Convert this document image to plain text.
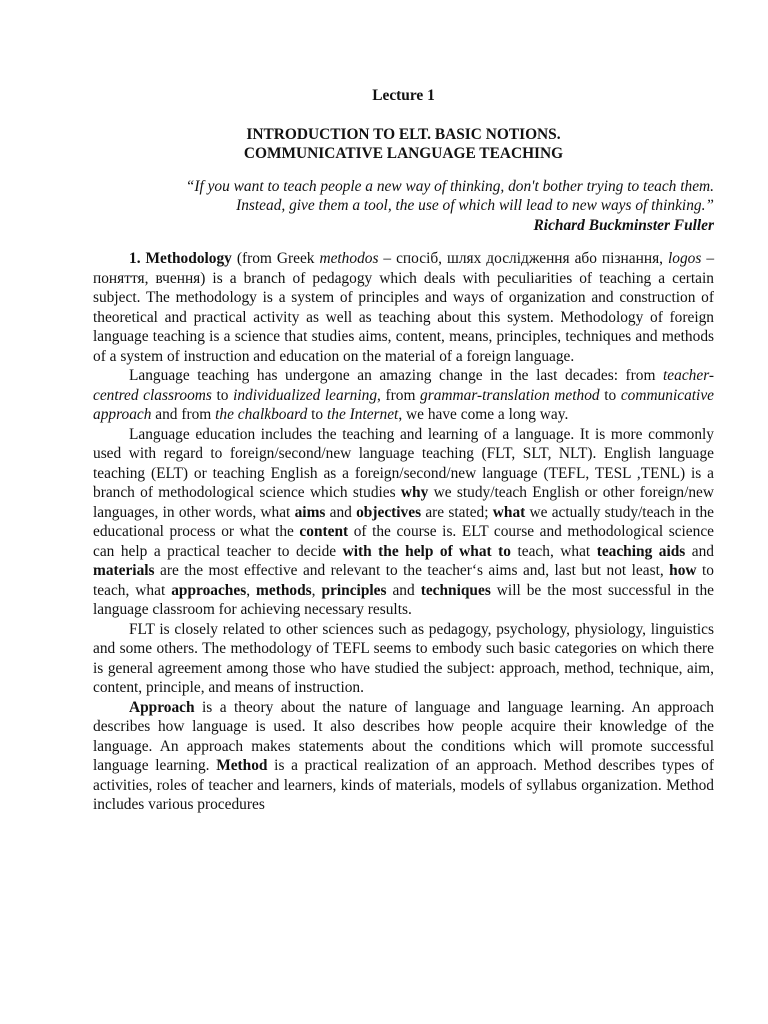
Lecture 1
INTRODUCTION TO ELT. BASIC NOTIONS.
COMMUNICATIVE LANGUAGE TEACHING
“If you want to teach people a new way of thinking, don't bother trying to teach them.
Instead, give them a tool, the use of which will lead to new ways of thinking.”
Richard Buckminster Fuller

1. Methodology (from Greek methodos – спосіб, шлях дослідження або пізнання, logos – поняття, вчення) is a branch of pedagogy which deals with peculiarities of teaching a certain subject. The methodology is a system of principles and ways of organization and construction of theoretical and practical activity as well as teaching about this system. Methodology of foreign language teaching is a science that studies aims, content, means, principles, techniques and methods of a system of instruction and education on the material of a foreign language.

Language teaching has undergone an amazing change in the last decades: from teacher-centred classrooms to individualized learning, from grammar-translation method to communicative approach and from the chalkboard to the Internet, we have come a long way.

Language education includes the teaching and learning of a language. It is more commonly used with regard to foreign/second/new language teaching (FLT, SLT, NLT). English language teaching (ELT) or teaching English as a foreign/second/new language (TEFL, TESL ,TENL) is a branch of methodological science which studies why we study/teach English or other foreign/new languages, in other words, what aims and objectives are stated; what we actually study/teach in the educational process or what the content of the course is. ELT course and methodological science can help a practical teacher to decide with the help of what to teach, what teaching aids and materials are the most effective and relevant to the teacher‘s aims and, last but not least, how to teach, what approaches, methods, principles and techniques will be the most successful in the language classroom for achieving necessary results.

FLT is closely related to other sciences such as pedagogy, psychology, physiology, linguistics and some others. The methodology of TEFL seems to embody such basic categories on which there is general agreement among those who have studied the subject: approach, method, technique, aim, content, principle, and means of instruction.

Approach is a theory about the nature of language and language learning. An approach describes how language is used. It also describes how people acquire their knowledge of the language. An approach makes statements about the conditions which will promote successful language learning. Method is a practical realization of an approach. Method describes types of activities, roles of teacher and learners, kinds of materials, models of syllabus organization. Method includes various procedures
